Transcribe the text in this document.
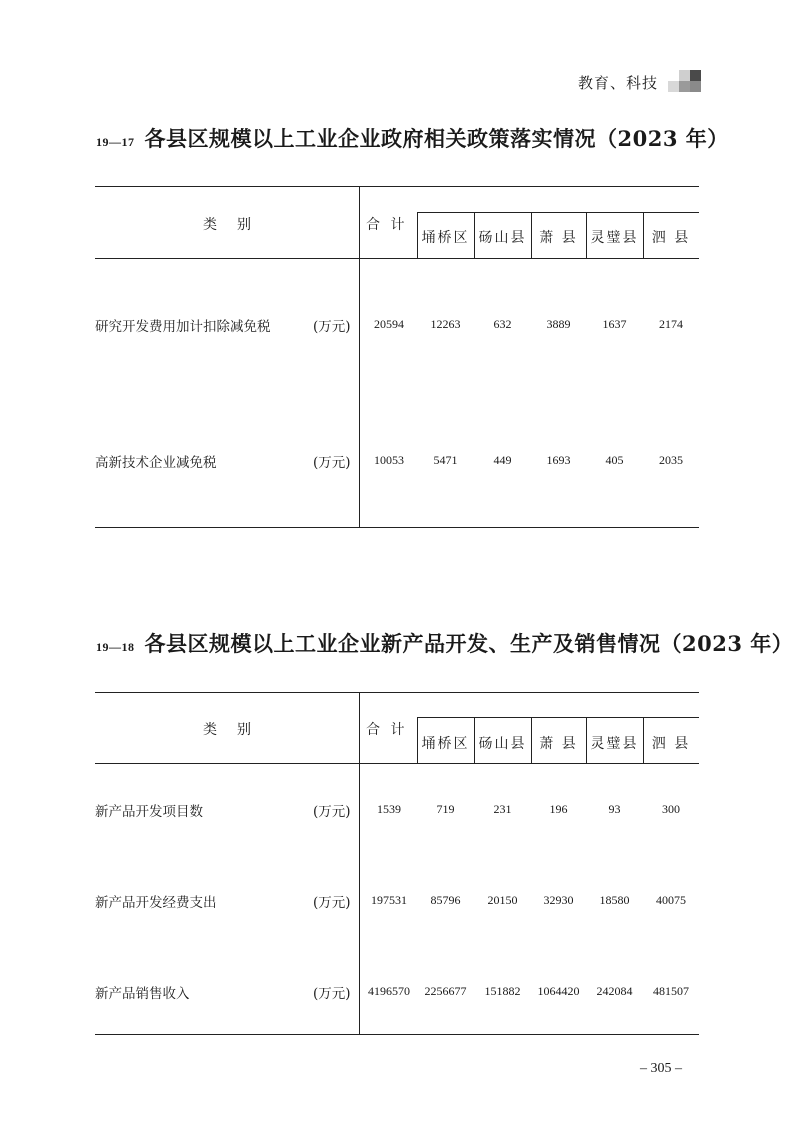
教育、科技
19—17 各县区规模以上工业企业政府相关政策落实情况（2023 年）
类　别	合 计
埇桥区 砀山县 萧 县 灵璧县 泗 县
研究开发费用加计扣除减免税	(万元)	20594	12263	632	3889	1637	2174
高新技术企业减免税	(万元)	10053	5471	449	1693	405	2035
19—18 各县区规模以上工业企业新产品开发、生产及销售情况（2023 年）
类　别	合 计
埇桥区 砀山县 萧 县 灵璧县 泗 县
新产品开发项目数	(万元)	1539	719	231	196	93	300
新产品开发经费支出	(万元)	197531	85796	20150	32930	18580	40075
新产品销售收入	(万元)	4196570	2256677	151882	1064420	242084	481507
– 305 –
